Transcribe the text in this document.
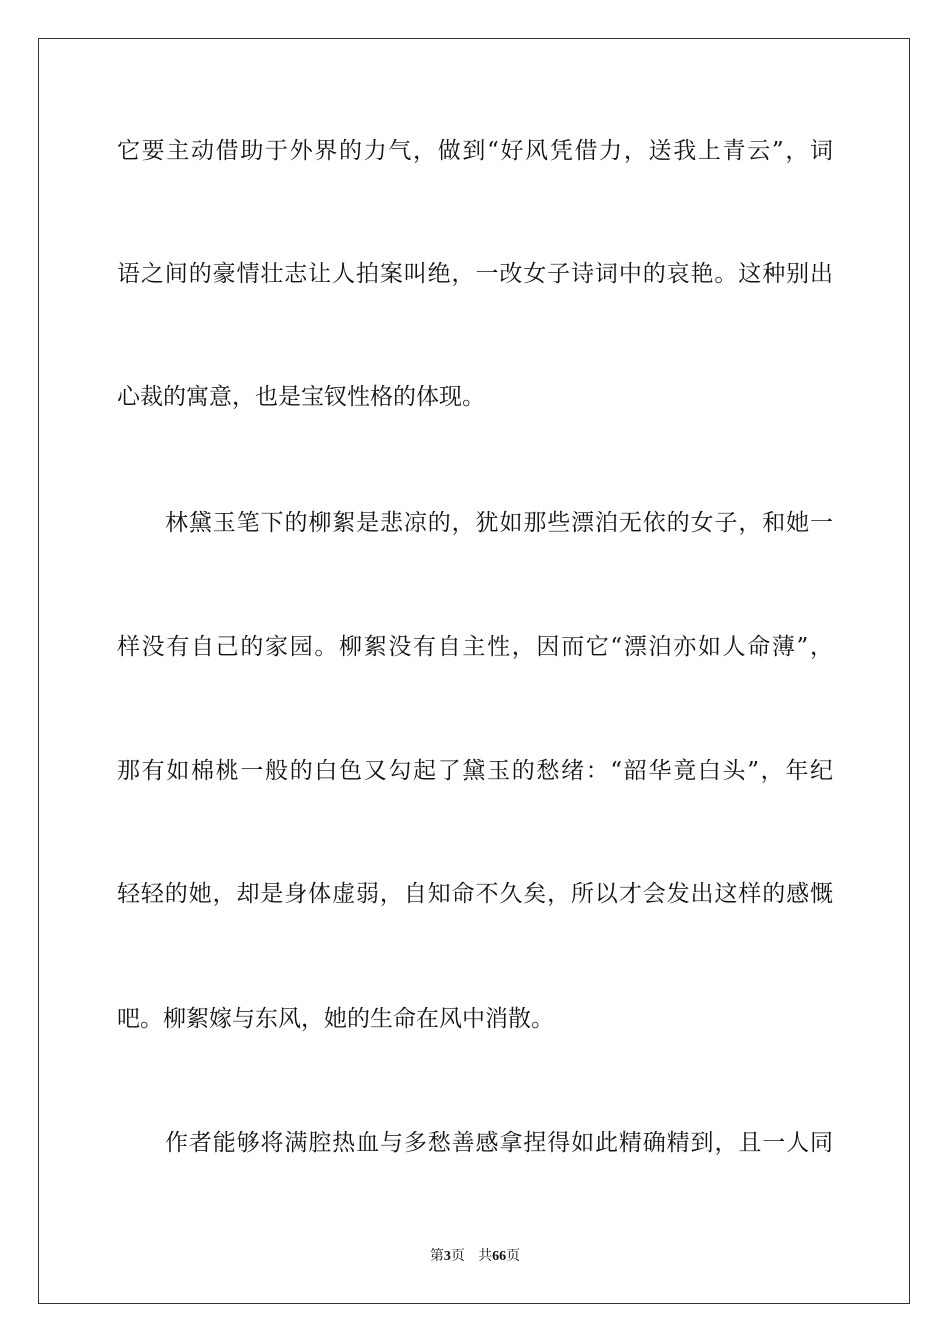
它要主动借助于外界的力气，做到“好风凭借力，送我上青云”，词
语之间的豪情壮志让人拍案叫绝，一改女子诗词中的哀艳。这种别出
心裁的寓意，也是宝钗性格的体现。
林黛玉笔下的柳絮是悲凉的，犹如那些漂泊无依的女子，和她一
样没有自己的家园。柳絮没有自主性，因而它“漂泊亦如人命薄”，
那有如棉桃一般的白色又勾起了黛玉的愁绪：“韶华竟白头”，年纪
轻轻的她，却是身体虚弱，自知命不久矣，所以才会发出这样的感慨
吧。柳絮嫁与东风，她的生命在风中消散。
作者能够将满腔热血与多愁善感拿捏得如此精确精到，且一人同
第3页 共66页
